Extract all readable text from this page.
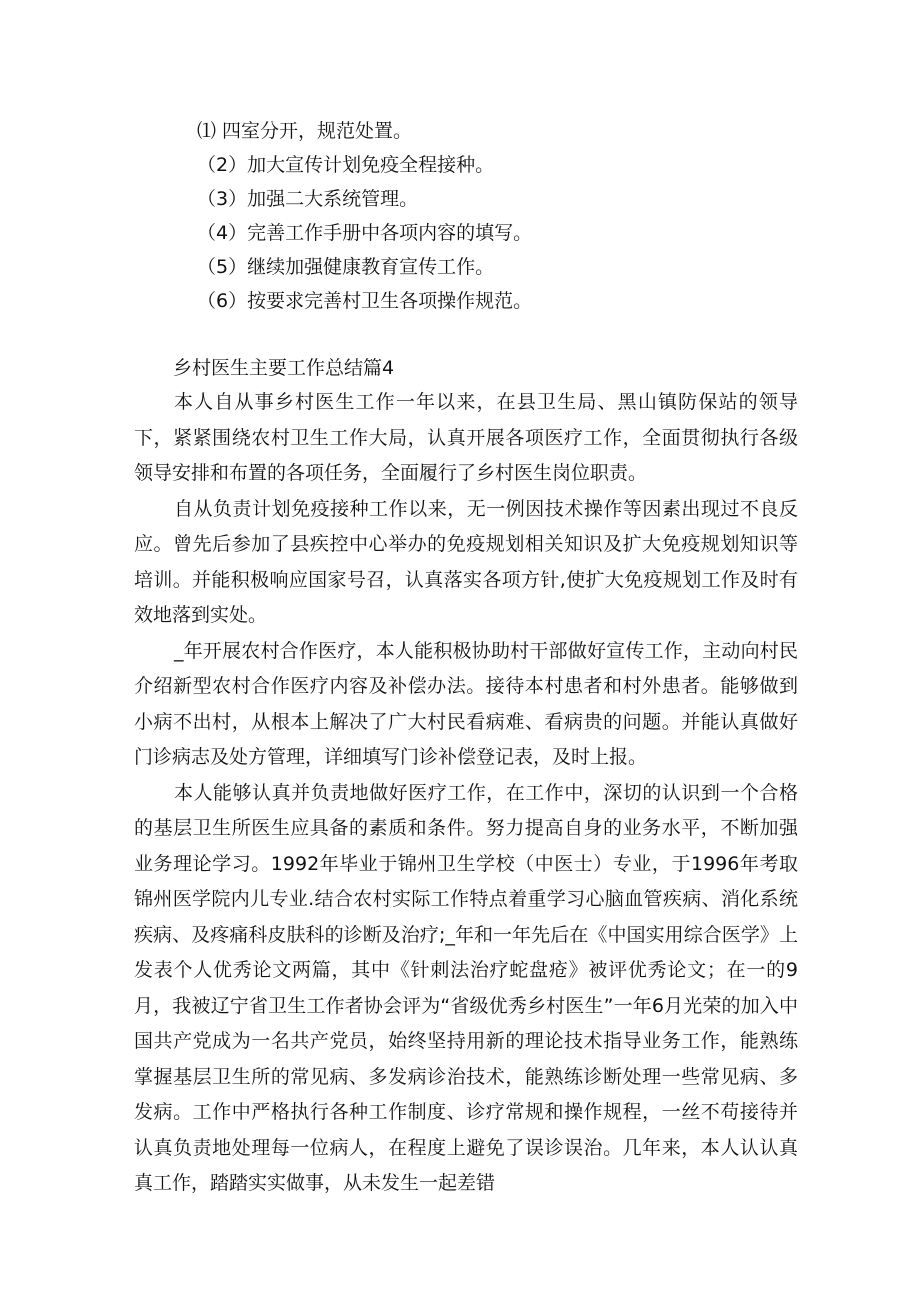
⑴ 四室分开，规范处置。
（2）加大宣传计划免疫全程接种。
（3）加强二大系统管理。
（4）完善工作手册中各项内容的填写。
（5）继续加强健康教育宣传工作。
（6）按要求完善村卫生各项操作规范。
乡村医生主要工作总结篇4

本人自从事乡村医生工作一年以来，在县卫生局、黑山镇防保站的领导下，紧紧围绕农村卫生工作大局，认真开展各项医疗工作，全面贯彻执行各级领导安排和布置的各项任务，全面履行了乡村医生岗位职责。

自从负责计划免疫接种工作以来，无一例因技术操作等因素出现过不良反应。曾先后参加了县疾控中心举办的免疫规划相关知识及扩大免疫规划知识等培训。并能积极响应国家号召，认真落实各项方针,使扩大免疫规划工作及时有效地落到实处。

_年开展农村合作医疗，本人能积极协助村干部做好宣传工作，主动向村民介绍新型农村合作医疗内容及补偿办法。接待本村患者和村外患者。能够做到小病不出村，从根本上解决了广大村民看病难、看病贵的问题。并能认真做好门诊病志及处方管理，详细填写门诊补偿登记表，及时上报。

本人能够认真并负责地做好医疗工作，在工作中，深切的认识到一个合格的基层卫生所医生应具备的素质和条件。努力提高自身的业务水平，不断加强业务理论学习。1992年毕业于锦州卫生学校（中医士）专业，于1996年考取锦州医学院内儿专业.结合农村实际工作特点着重学习心脑血管疾病、消化系统疾病、及疼痛科皮肤科的诊断及治疗;_年和一年先后在《中国实用综合医学》上发表个人优秀论文两篇，其中《针刺法治疗蛇盘疮》被评优秀论文；在一的9月，我被辽宁省卫生工作者协会评为“省级优秀乡村医生”一年6月光荣的加入中国共产党成为一名共产党员，始终坚持用新的理论技术指导业务工作，能熟练掌握基层卫生所的常见病、多发病诊治技术，能熟练诊断处理一些常见病、多发病。工作中严格执行各种工作制度、诊疗常规和操作规程，一丝不苟接待并认真负责地处理每一位病人，在程度上避免了误诊误治。几年来，本人认认真真工作，踏踏实实做事，从未发生一起差错
